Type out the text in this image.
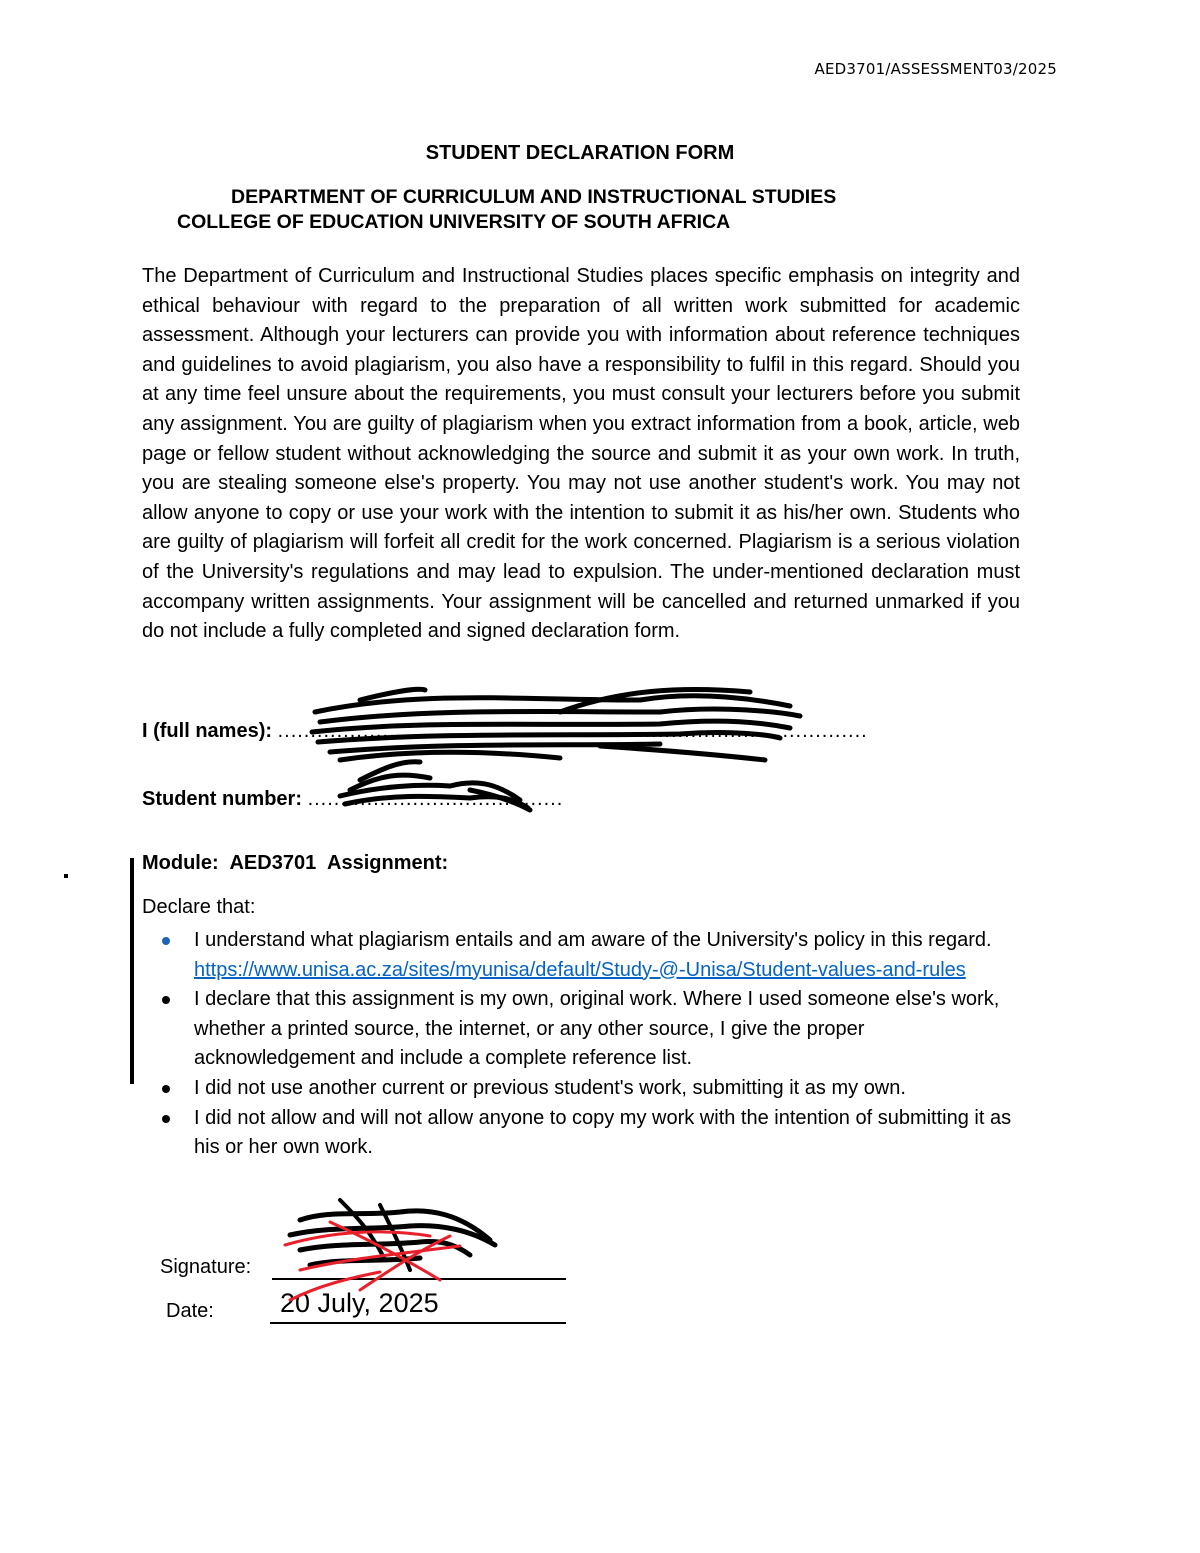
AED3701/ASSESSMENT03/2025
STUDENT DECLARATION FORM
DEPARTMENT OF CURRICULUM AND INSTRUCTIONAL STUDIES
COLLEGE OF EDUCATION UNIVERSITY OF SOUTH AFRICA

The Department of Curriculum and Instructional Studies places specific emphasis on integrity and ethical behaviour with regard to the preparation of all written work submitted for academic assessment. Although your lecturers can provide you with information about reference techniques and guidelines to avoid plagiarism, you also have a responsibility to fulfil in this regard. Should you at any time feel unsure about the requirements, you must consult your lecturers before you submit any assignment. You are guilty of plagiarism when you extract information from a book, article, web page or fellow student without acknowledging the source and submit it as your own work. In truth, you are stealing someone else's property. You may not use another student's work. You may not allow anyone to copy or use your work with the intention to submit it as his/her own. Students who are guilty of plagiarism will forfeit all credit for the work concerned. Plagiarism is a serious violation of the University's regulations and may lead to expulsion. The under-mentioned declaration must accompany written assignments. Your assignment will be cancelled and returned unmarked if you do not include a fully completed and signed declaration form.

I (full names): ..........................................................................................
Student number: .......................................
Module: AED3701 Assignment:
Declare that:
I understand what plagiarism entails and am aware of the University's policy in this regard. https://www.unisa.ac.za/sites/myunisa/default/Study-@-Unisa/Student-values-and-rules
I declare that this assignment is my own, original work. Where I used someone else's work, whether a printed source, the internet, or any other source, I give the proper acknowledgement and include a complete reference list.
I did not use another current or previous student's work, submitting it as my own.
I did not allow and will not allow anyone to copy my work with the intention of submitting it as his or her own work.
Signature:
Date: 20 July, 2025
